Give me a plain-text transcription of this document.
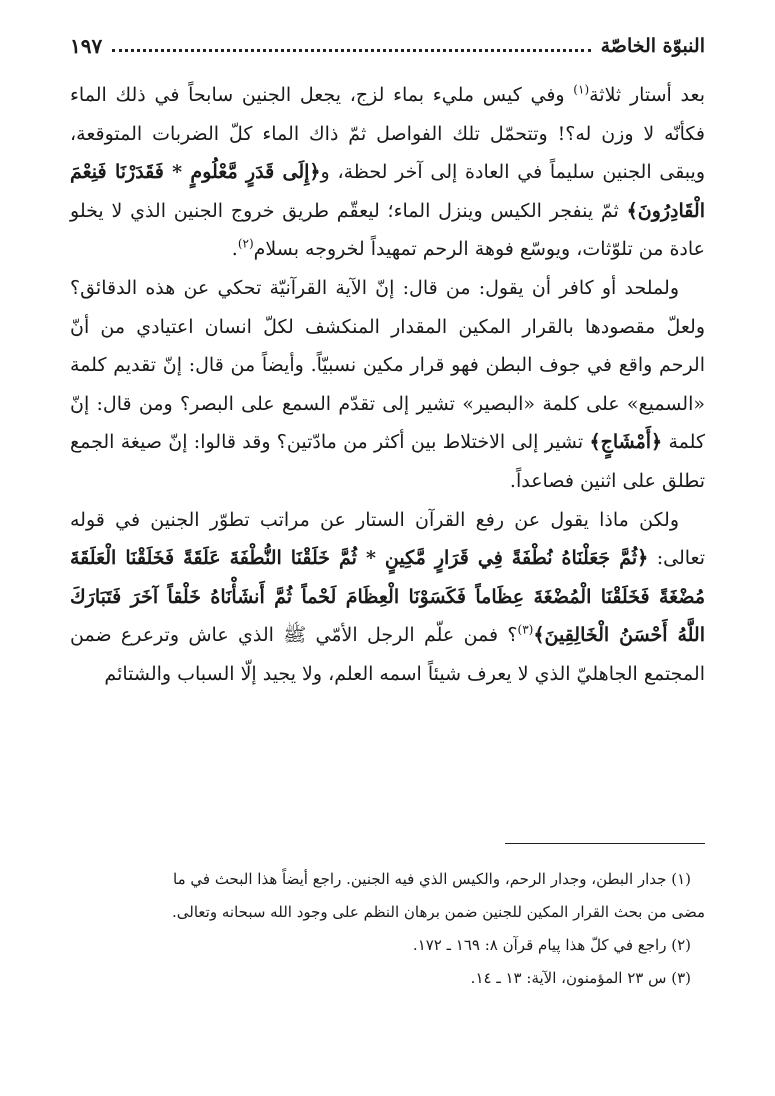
النبوّة الخاصّة
١٩٧

بعد أستار ثلاثة$^{(١)}$ وفي كيس مليء بماء لزج، يجعل الجنين سابحاً في ذلك الماء فكأنّه لا وزن له؟! وتتحمّل تلك الفواصل ثمّ ذاك الماء كلّ الضربات المتوقعة، ويبقى الجنين سليماً في العادة إلى آخر لحظة، و﴿إِلَى قَدَرٍ مَّعْلُومٍ * فَقَدَرْنَا فَنِعْمَ الْقَادِرُونَ﴾ ثمّ ينفجر الكيس وينزل الماء؛ ليعقّم طريق خروج الجنين الذي لا يخلو عادة من تلوّثات، ويوسّع فوهة الرحم تمهيداً لخروجه بسلام$^{(٢)}$.

ولملحد أو كافر أن يقول: من قال: إنّ الآية القرآنيّة تحكي عن هذه الدقائق؟ ولعلّ مقصودها بالقرار المكين المقدار المنكشف لكلّ انسان اعتيادي من أنّ الرحم واقع في جوف البطن فهو قرار مكين نسبيّاً. وأيضاً من قال: إنّ تقديم كلمة «السميع» على كلمة «البصير» تشير إلى تقدّم السمع على البصر؟ ومن قال: إنّ كلمة ﴿أَمْشَاجٍ﴾ تشير إلى الاختلاط بين أكثر من مادّتين؟ وقد قالوا: إنّ صيغة الجمع تطلق على اثنين فصاعداً.

ولكن ماذا يقول عن رفع القرآن الستار عن مراتب تطوّر الجنين في قوله تعالى: ﴿ثُمَّ جَعَلْنَاهُ نُطْفَةً فِي قَرَارٍ مَّكِينٍ * ثُمَّ خَلَقْنَا النُّطْفَةَ عَلَقَةً فَخَلَقْنَا الْعَلَقَةَ مُضْغَةً فَخَلَقْنَا الْمُضْغَةَ عِظَاماً فَكَسَوْنَا الْعِظَامَ لَحْماً ثُمَّ أَنشَأْنَاهُ خَلْقاً آخَرَ فَتَبَارَكَ اللَّهُ أَحْسَنُ الْخَالِقِينَ﴾$^{(٣)}$؟ فمن علّم الرجل الأمّي ﷺ الذي عاش وترعرع ضمن المجتمع الجاهليّ الذي لا يعرف شيئاً اسمه العلم، ولا يجيد إلّا السباب والشتائم

(١) جدار البطن، وجدار الرحم، والكيس الذي فيه الجنين. راجع أيضاً هذا البحث في ما

مضى من بحث القرار المكين للجنين ضمن برهان النظم على وجود الله سبحانه وتعالى.

(٢) راجع في كلّ هذا پيام قرآن ٨: ١٦٩ ـ ١٧٢.

(٣) س ٢٣ المؤمنون، الآية: ١٣ ـ ١٤.
